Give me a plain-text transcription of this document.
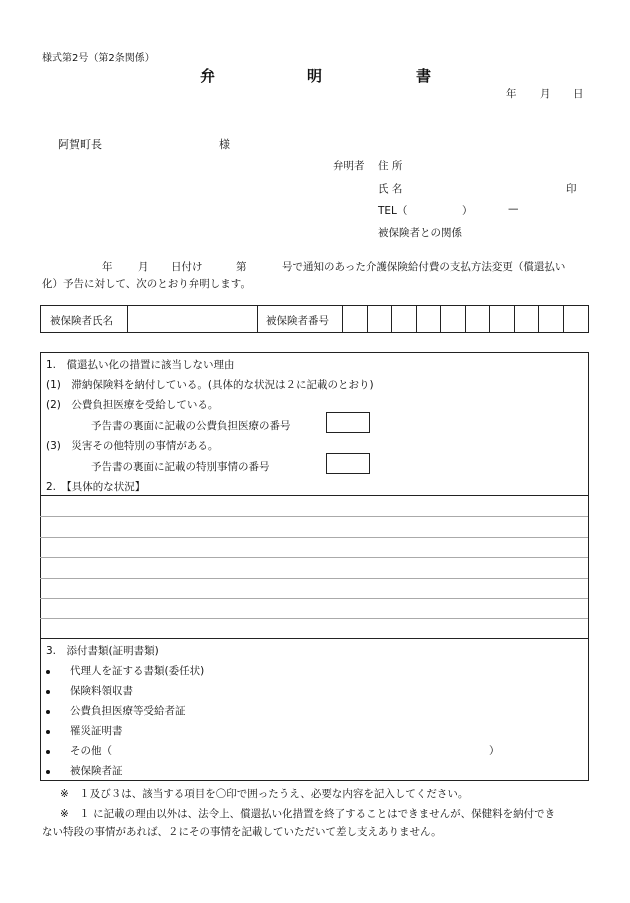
様式第2号（第2条関係）
弁	明	書
年 月 日
阿賀町長	様
弁明者 住 所
氏 名	印
TEL（	）	—
被保険者との関係
年 月 日付け	第	号で通知のあった介護保険給付費の支払方法変更（償還払い
化）予告に対して、次のとおり弁明します。
被保険者氏名	被保険者番号
1.　償還払い化の措置に該当しない理由
(1)　滞納保険料を納付している。(具体的な状況は２に記載のとおり)
(2)　公費負担医療を受給している。
予告書の裏面に記載の公費負担医療の番号
(3)　災害その他特別の事情がある。
予告書の裏面に記載の特別事情の番号
2.　【具体的な状況】
3.　添付書類(証明書類)
代理人を証する書類(委任状)
保険料領収書
公費負担医療等受給者証
罹災証明書
その他（	）
被保険者証
※　１及び３は、該当する項目を〇印で囲ったうえ、必要な内容を記入してください。
※　１ に記載の理由以外は、法令上、償還払い化措置を終了することはできませんが、保健料を納付でき
ない特段の事情があれば、２にその事情を記載していただいて差し支えありません。
